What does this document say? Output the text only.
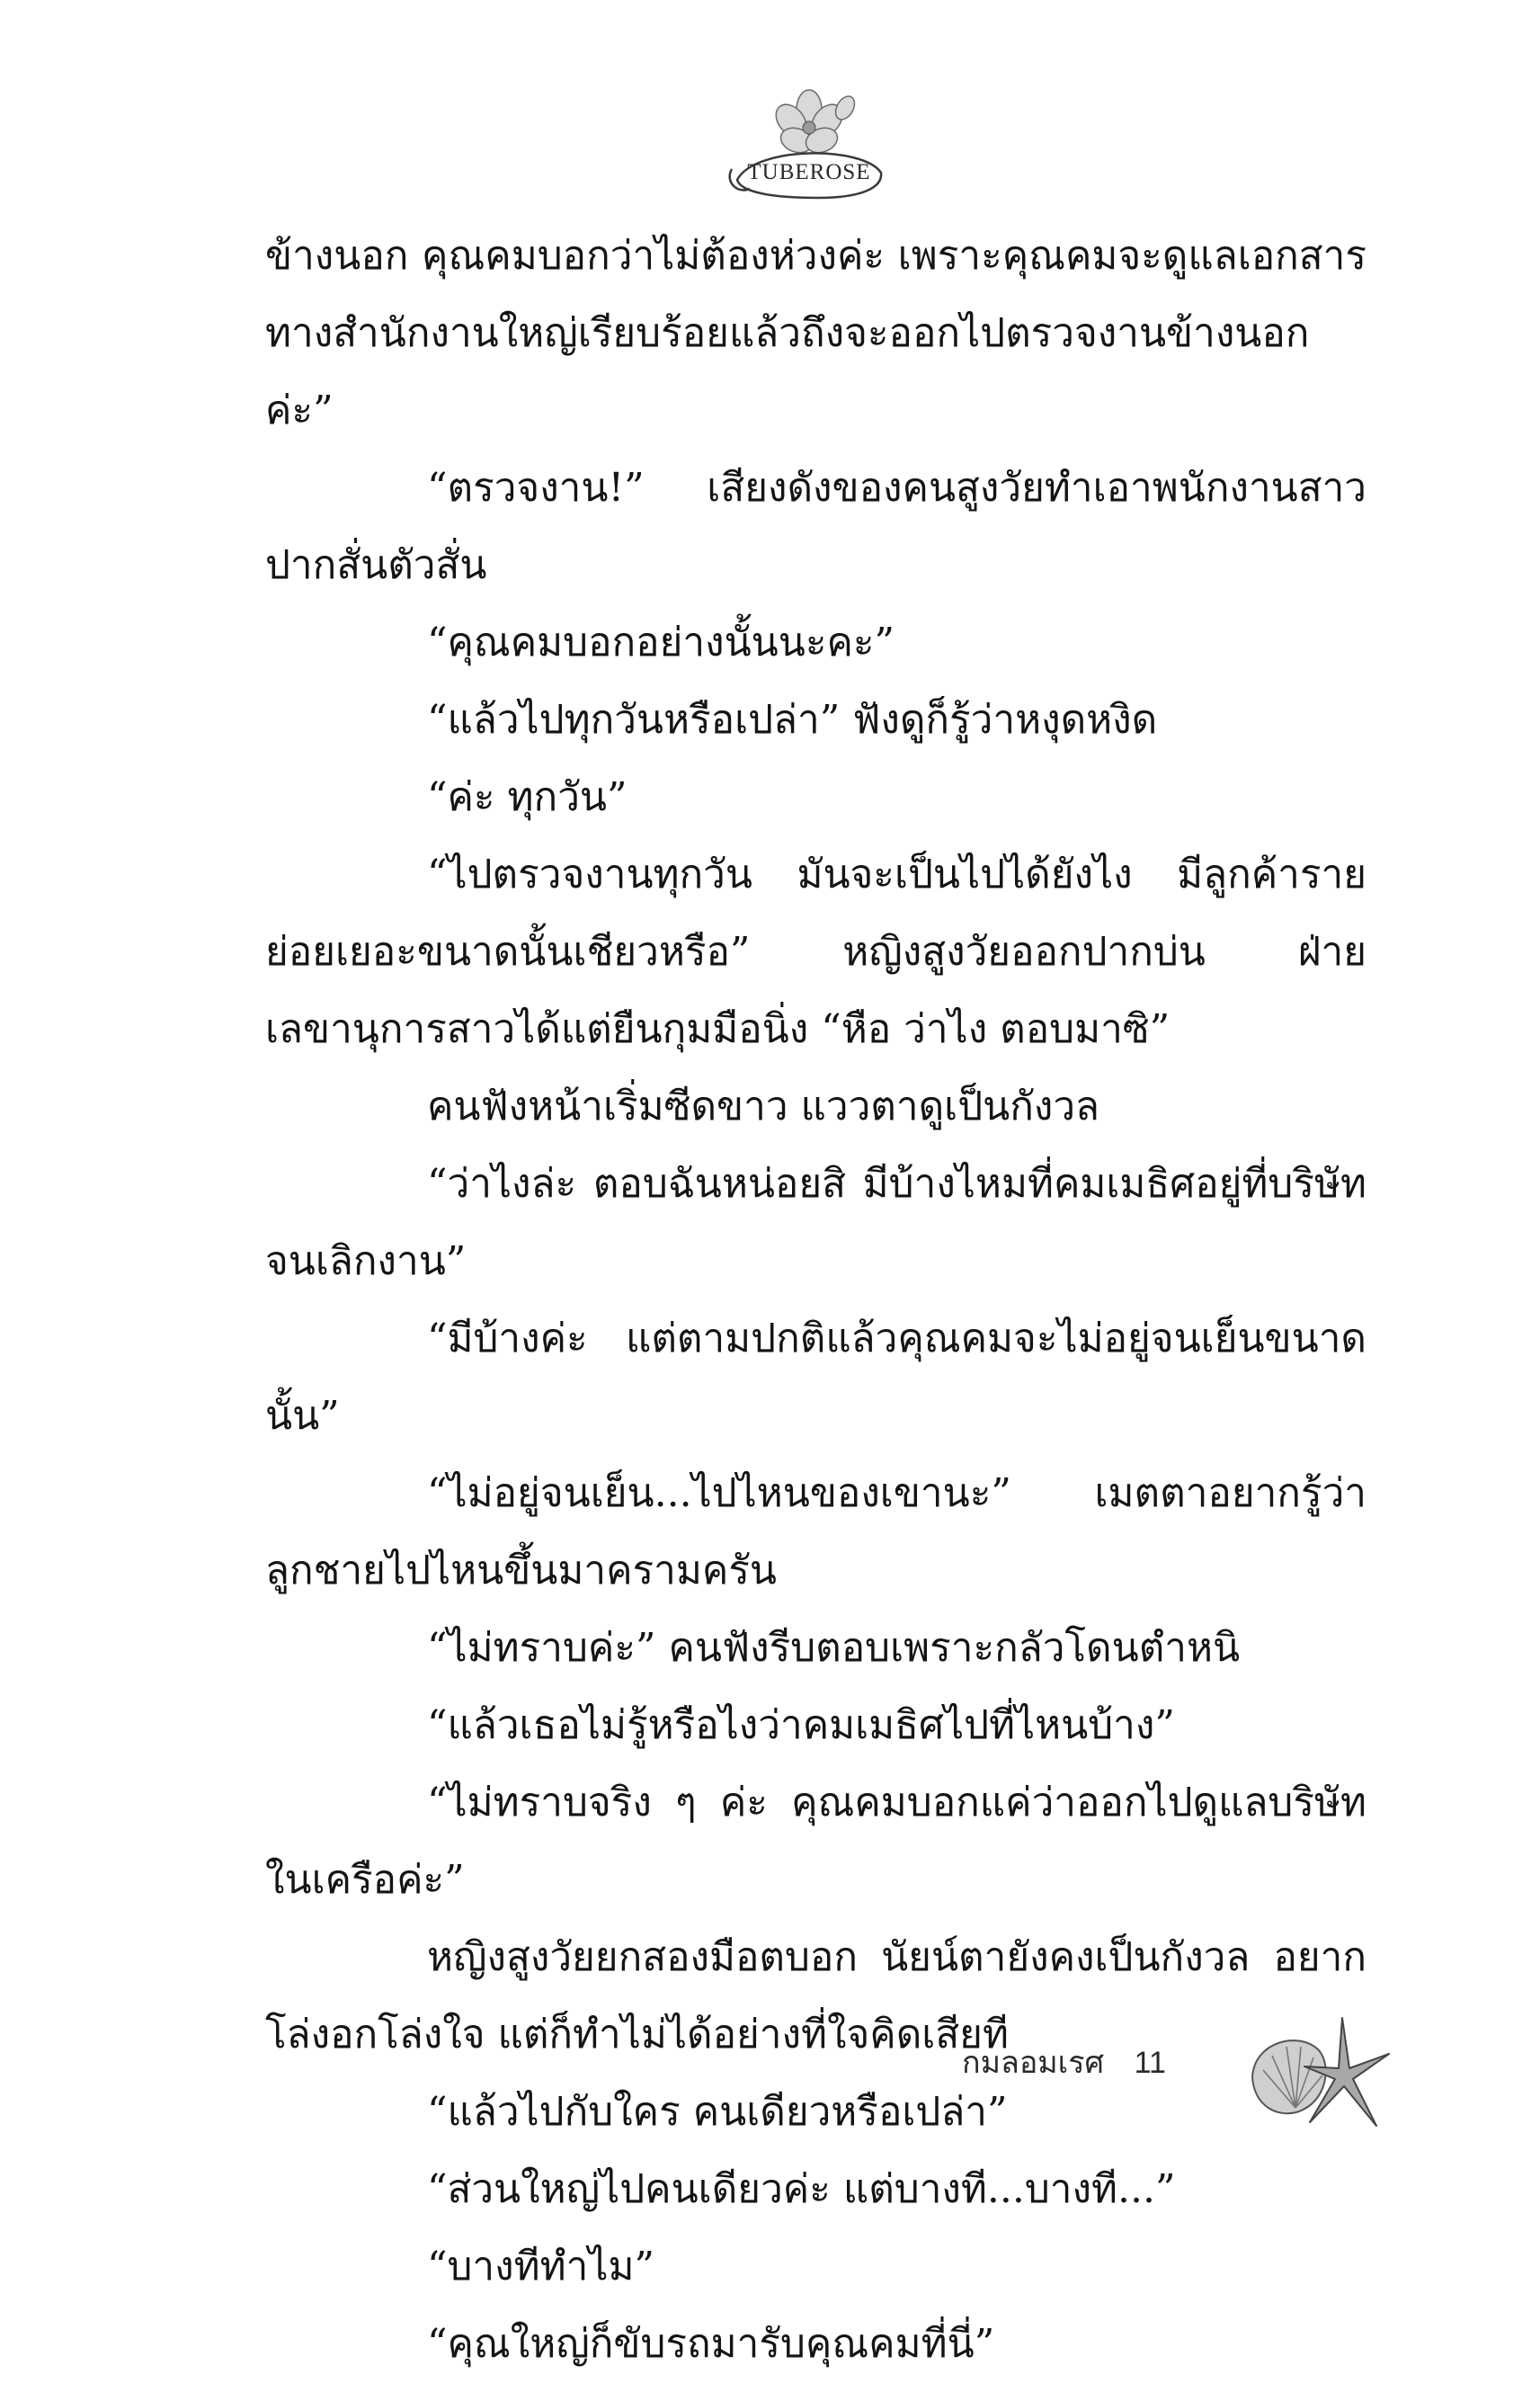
TUBEROSE

ข้างนอก คุณคมบอกว่าไม่ต้องห่วงค่ะ เพราะคุณคมจะดูแลเอกสารทางสำนักงานใหญ่เรียบร้อยแล้วถึงจะออกไปตรวจงานข้างนอกค่ะ”

“ตรวจงาน!” เสียงดังของคนสูงวัยทำเอาพนักงานสาวปากสั่นตัวสั่น

“คุณคมบอกอย่างนั้นนะคะ”

“แล้วไปทุกวันหรือเปล่า” ฟังดูก็รู้ว่าหงุดหงิด

“ค่ะ ทุกวัน”

“ไปตรวจงานทุกวัน มันจะเป็นไปได้ยังไง มีลูกค้ารายย่อยเยอะขนาดนั้นเชียวหรือ” หญิงสูงวัยออกปากบ่น ฝ่ายเลขานุการสาวได้แต่ยืนกุมมือนิ่ง “หือ ว่าไง ตอบมาซิ”

คนฟังหน้าเริ่มซีดขาว แววตาดูเป็นกังวล

“ว่าไงล่ะ ตอบฉันหน่อยสิ มีบ้างไหมที่คมเมธิศอยู่ที่บริษัทจนเลิกงาน”

“มีบ้างค่ะ แต่ตามปกติแล้วคุณคมจะไม่อยู่จนเย็นขนาดนั้น”

“ไม่อยู่จนเย็น...ไปไหนของเขานะ” เมตตาอยากรู้ว่าลูกชายไปไหนขึ้นมาครามครัน

“ไม่ทราบค่ะ” คนฟังรีบตอบเพราะกลัวโดนตำหนิ

“แล้วเธอไม่รู้หรือไงว่าคมเมธิศไปที่ไหนบ้าง”

“ไม่ทราบจริง ๆ ค่ะ คุณคมบอกแค่ว่าออกไปดูแลบริษัทในเครือค่ะ”

หญิงสูงวัยยกสองมือตบอก นัยน์ตายังคงเป็นกังวล อยากโล่งอกโล่งใจ แต่ก็ทำไม่ได้อย่างที่ใจคิดเสียที

“แล้วไปกับใคร คนเดียวหรือเปล่า”

“ส่วนใหญ่ไปคนเดียวค่ะ แต่บางที...บางที...”

“บางทีทำไม”

“คุณใหญ่ก็ขับรถมารับคุณคมที่นี่”

กมลอมเรศ 11
